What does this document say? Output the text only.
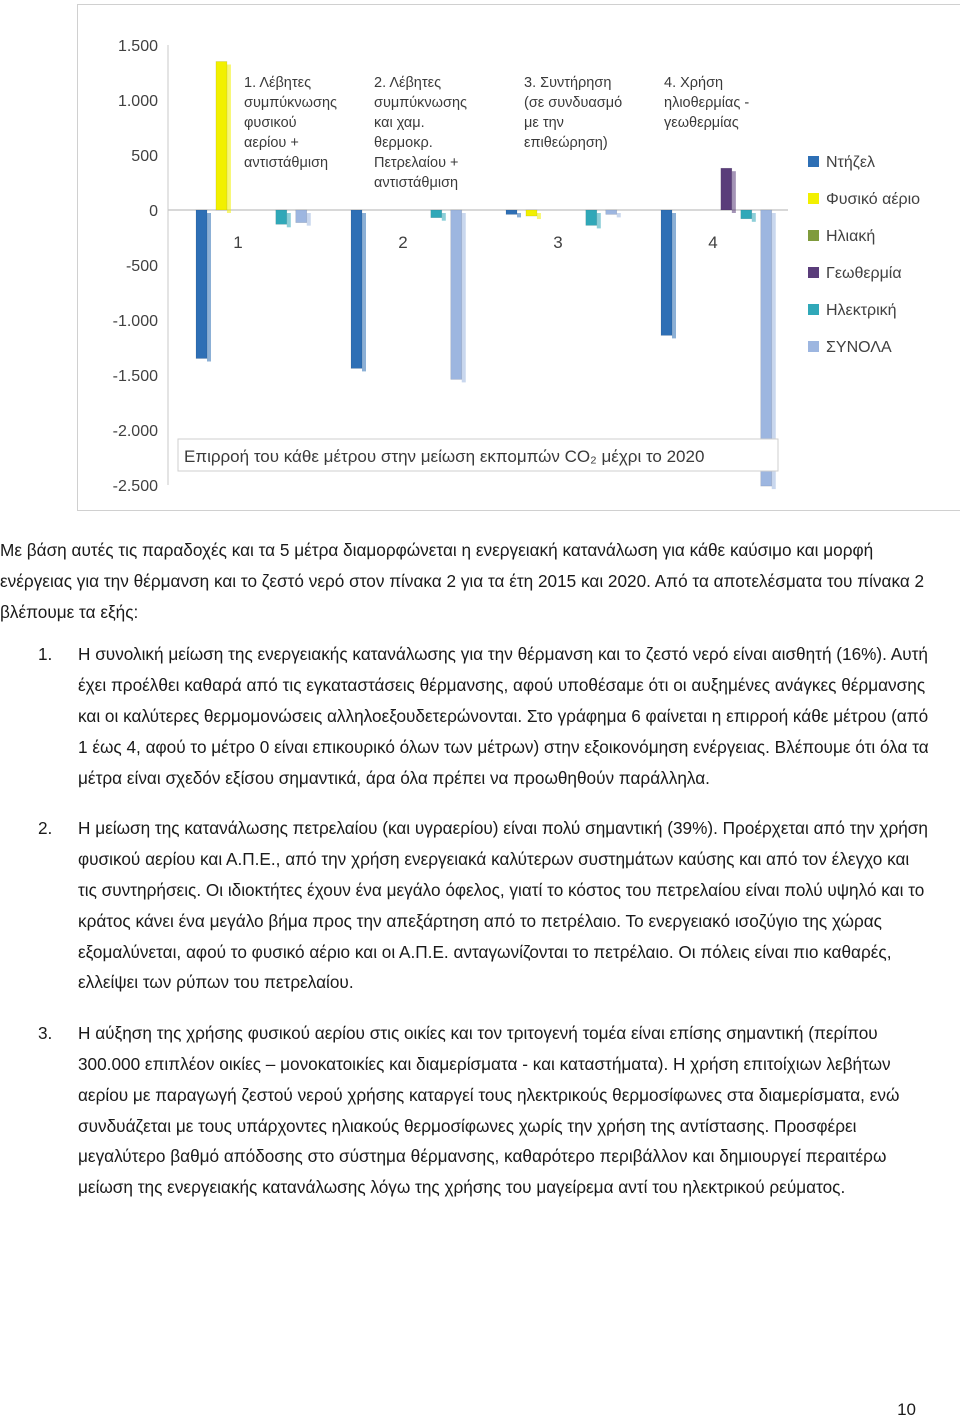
1.500
1.000
500
0
-500
-1.000
-1.500
-2.000
-2.500
1	2	3	4
1. Λέβητες
συμπύκνωσης
φυσικού
αερίου +
αντιστάθμιση
2. Λέβητες
συμπύκνωσης
και χαμ.
θερμοκρ.
Πετρελαίου +
αντιστάθμιση
3. Συντήρηση
(σε συνδυασμό
με την
επιθεώρηση)
4. Χρήση
ηλιοθερμίας -
γεωθερμίας
Ντήζελ
Φυσικό αέριο
Ηλιακή
Γεωθερμία
Ηλεκτρική
ΣΥΝΟΛΑ
Επιρροή του κάθε μέτρου στην μείωση εκπομπών CO₂ μέχρι το 2020

Με βάση αυτές τις παραδοχές και τα 5 μέτρα διαμορφώνεται η ενεργειακή κατανάλωση για κάθε καύσιμο και μορφή ενέργειας για την θέρμανση και το ζεστό νερό στον πίνακα 2 για τα έτη 2015 και 2020. Από τα αποτελέσματα του πίνακα 2 βλέπουμε τα εξής:

1. Η συνολική μείωση της ενεργειακής κατανάλωσης για την θέρμανση και το ζεστό νερό είναι αισθητή (16%). Αυτή έχει προέλθει καθαρά από τις εγκαταστάσεις θέρμανσης, αφού υποθέσαμε ότι οι αυξημένες ανάγκες θέρμανσης και οι καλύτερες θερμομονώσεις αλληλοεξουδετερώνονται. Στο γράφημα 6 φαίνεται η επιρροή κάθε μέτρου (από 1 έως 4, αφού το μέτρο 0 είναι επικουρικό όλων των μέτρων) στην εξοικονόμηση ενέργειας. Βλέπουμε ότι όλα τα μέτρα είναι σχεδόν εξίσου σημαντικά, άρα όλα πρέπει να προωθηθούν παράλληλα.

2. Η μείωση της κατανάλωσης πετρελαίου (και υγραερίου) είναι πολύ σημαντική (39%). Προέρχεται από την χρήση φυσικού αερίου και Α.Π.Ε., από την χρήση ενεργειακά καλύτερων συστημάτων καύσης και από τον έλεγχο και τις συντηρήσεις. Οι ιδιοκτήτες έχουν ένα μεγάλο όφελος, γιατί το κόστος του πετρελαίου είναι πολύ υψηλό και το κράτος κάνει ένα μεγάλο βήμα προς την απεξάρτηση από το πετρέλαιο. Το ενεργειακό ισοζύγιο της χώρας εξομαλύνεται, αφού το φυσικό αέριο και οι Α.Π.Ε. ανταγωνίζονται το πετρέλαιο. Οι πόλεις είναι πιο καθαρές, ελλείψει των ρύπων του πετρελαίου.

3. Η αύξηση της χρήσης φυσικού αερίου στις οικίες και τον τριτογενή τομέα είναι επίσης σημαντική (περίπου 300.000 επιπλέον οικίες – μονοκατοικίες και διαμερίσματα - και καταστήματα). Η χρήση επιτοίχιων λεβήτων αερίου με παραγωγή ζεστού νερού χρήσης καταργεί τους ηλεκτρικούς θερμοσίφωνες στα διαμερίσματα, ενώ συνδυάζεται με τους υπάρχοντες ηλιακούς θερμοσίφωνες χωρίς την χρήση της αντίστασης. Προσφέρει μεγαλύτερο βαθμό απόδοσης στο σύστημα θέρμανσης, καθαρότερο περιβάλλον και δημιουργεί περαιτέρω μείωση της ενεργειακής κατανάλωσης λόγω της χρήσης του μαγείρεμα αντί του ηλεκτρικού ρεύματος.

10
